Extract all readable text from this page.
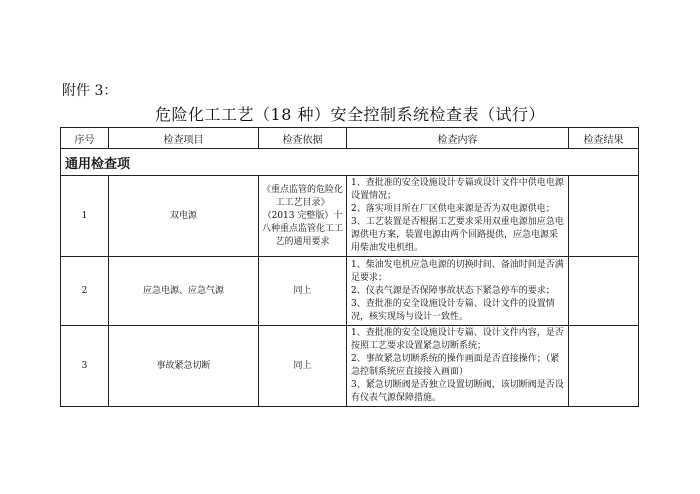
附件 3：
危险化工工艺（18 种）安全控制系统检查表（试行）
序号	检查项目	检查依据	检查内容	检查结果
通用检查项				
1	双电源	《重点监管的危险化工工艺目录》（2013 完整版）十八种重点监管化工工艺的通用要求	1、查批准的安全设施设计专篇或设计文件中供电电源设置情况；
2、落实项目所在厂区供电来源是否为双电源供电；
3、工艺装置是否根据工艺要求采用双重电源加应急电源供电方案，装置电源由两个回路提供，应急电源采用柴油发电机组。	

2	应急电源、应急气源	同上	1、柴油发电机应急电源的切换时间、备油时间是否满足要求；
2、仪表气源是否保障事故状态下紧急停车的要求；
3、查批准的安全设施设计专篇、设计文件的设置情况，核实现场与设计一致性。	

3	事故紧急切断	同上	1、查批准的安全设施设计专篇、设计文件内容，是否按照工艺要求设置紧急切断系统；
2、事故紧急切断系统的操作画面是否直接操作；（紧急控制系统应直接接入画面）
3、紧急切断阀是否独立设置切断阀，该切断阀是否设有仪表气源保障措施。	
